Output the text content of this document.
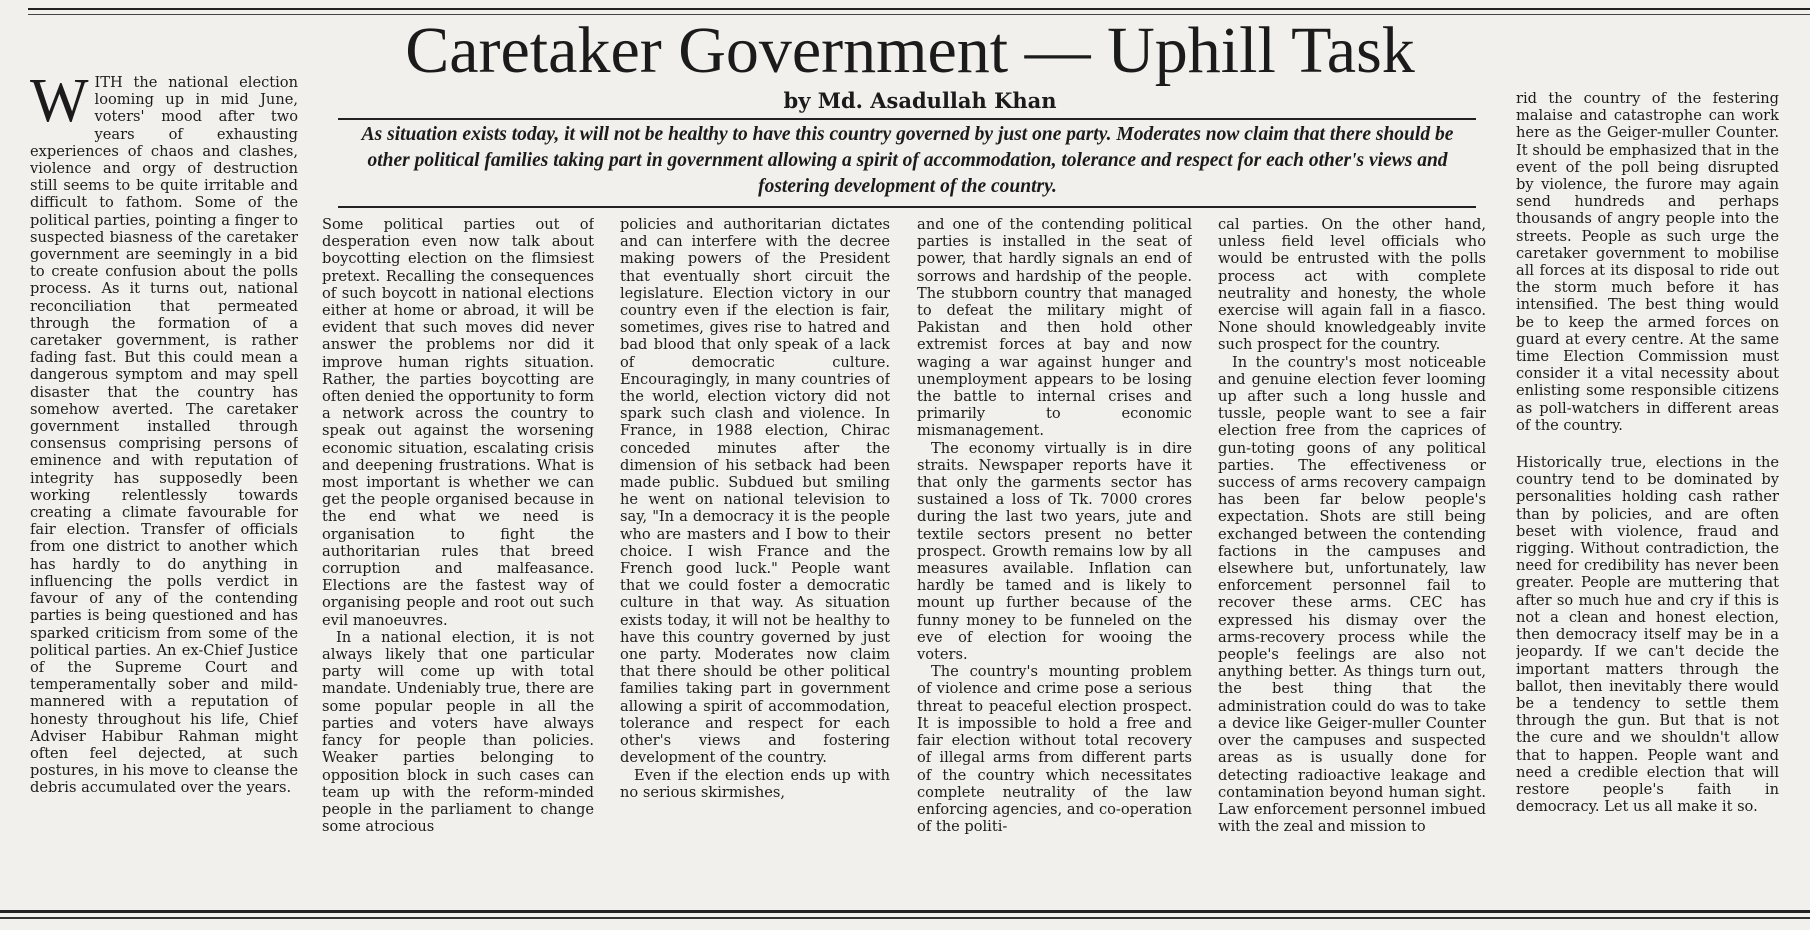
Caretaker Government — Uphill Task
by Md. Asadullah Khan
As situation exists today, it will not be healthy to have this country governed by just one party. Moderates now claim that there should be other political families taking part in government allowing a spirit of accommodation, tolerance and respect for each other's views and fostering development of the country.

WITH the national election looming up in mid June, voters' mood after two years of exhausting experiences of chaos and clashes, violence and orgy of destruction still seems to be quite irritable and difficult to fathom. Some of the political parties, pointing a finger to suspected biasness of the caretaker government are seemingly in a bid to create confusion about the polls process. As it turns out, national reconciliation that permeated through the formation of a caretaker government, is rather fading fast. But this could mean a dangerous symptom and may spell disaster that the country has somehow averted. The caretaker government installed through consensus comprising persons of eminence and with reputation of integrity has supposedly been working relentlessly towards creating a climate favourable for fair election. Transfer of officials from one district to another which has hardly to do anything in influencing the polls verdict in favour of any of the contending parties is being questioned and has sparked criticism from some of the political parties. An ex-Chief Justice of the Supreme Court and temperamentally sober and mild-mannered with a reputation of honesty throughout his life, Chief Adviser Habibur Rahman might often feel dejected, at such postures, in his move to cleanse the debris accumulated over the years.

Some political parties out of desperation even now talk about boycotting election on the flimsiest pretext. Recalling the consequences of such boycott in national elections either at home or abroad, it will be evident that such moves did never answer the problems nor did it improve human rights situation. Rather, the parties boycotting are often denied the opportunity to form a network across the country to speak out against the worsening economic situation, escalating crisis and deepening frustrations. What is most important is whether we can get the people organised because in the end what we need is organisation to fight the authoritarian rules that breed corruption and malfeasance. Elections are the fastest way of organising people and root out such evil manoeuvres.

In a national election, it is not always likely that one particular party will come up with total mandate. Undeniably true, there are some popular people in all the parties and voters have always fancy for people than policies. Weaker parties belonging to opposition block in such cases can team up with the reform-minded people in the parliament to change some atrocious

policies and authoritarian dictates and can interfere with the decree making powers of the President that eventually short circuit the legislature. Election victory in our country even if the election is fair, sometimes, gives rise to hatred and bad blood that only speak of a lack of democratic culture. Encouragingly, in many countries of the world, election victory did not spark such clash and violence. In France, in 1988 election, Chirac conceded minutes after the dimension of his setback had been made public. Subdued but smiling he went on national television to say, "In a democracy it is the people who are masters and I bow to their choice. I wish France and the French good luck." People want that we could foster a democratic culture in that way. As situation exists today, it will not be healthy to have this country governed by just one party. Moderates now claim that there should be other political families taking part in government allowing a spirit of accommodation, tolerance and respect for each other's views and fostering development of the country.

Even if the election ends up with no serious skirmishes,

and one of the contending political parties is installed in the seat of power, that hardly signals an end of sorrows and hardship of the people. The stubborn country that managed to defeat the military might of Pakistan and then hold other extremist forces at bay and now waging a war against hunger and unemployment appears to be losing the battle to internal crises and primarily to economic mismanagement.

The economy virtually is in dire straits. Newspaper reports have it that only the garments sector has sustained a loss of Tk. 7000 crores during the last two years, jute and textile sectors present no better prospect. Growth remains low by all measures available. Inflation can hardly be tamed and is likely to mount up further because of the funny money to be funneled on the eve of election for wooing the voters.

The country's mounting problem of violence and crime pose a serious threat to peaceful election prospect. It is impossible to hold a free and fair election without total recovery of illegal arms from different parts of the country which necessitates complete neutrality of the law enforcing agencies, and co-operation of the politi-

cal parties. On the other hand, unless field level officials who would be entrusted with the polls process act with complete neutrality and honesty, the whole exercise will again fall in a fiasco. None should knowledgeably invite such prospect for the country.

In the country's most noticeable and genuine election fever looming up after such a long hussle and tussle, people want to see a fair election free from the caprices of gun-toting goons of any political parties. The effectiveness or success of arms recovery campaign has been far below people's expectation. Shots are still being exchanged between the contending factions in the campuses and elsewhere but, unfortunately, law enforcement personnel fail to recover these arms. CEC has expressed his dismay over the arms-recovery process while the people's feelings are also not anything better. As things turn out, the best thing that the administration could do was to take a device like Geiger-muller Counter over the campuses and suspected areas as is usually done for detecting radioactive leakage and contamination beyond human sight. Law enforcement personnel imbued with the zeal and mission to

rid the country of the festering malaise and catastrophe can work here as the Geiger-muller Counter. It should be emphasized that in the event of the poll being disrupted by violence, the furore may again send hundreds and perhaps thousands of angry people into the streets. People as such urge the caretaker government to mobilise all forces at its disposal to ride out the storm much before it has intensified. The best thing would be to keep the armed forces on guard at every centre. At the same time Election Commission must consider it a vital necessity about enlisting some responsible citizens as poll-watchers in different areas of the country.

Historically true, elections in the country tend to be dominated by personalities holding cash rather than by policies, and are often beset with violence, fraud and rigging. Without contradiction, the need for credibility has never been greater. People are muttering that after so much hue and cry if this is not a clean and honest election, then democracy itself may be in a jeopardy. If we can't decide the important matters through the ballot, then inevitably there would be a tendency to settle them through the gun. But that is not the cure and we shouldn't allow that to happen. People want and need a credible election that will restore people's faith in democracy. Let us all make it so.
